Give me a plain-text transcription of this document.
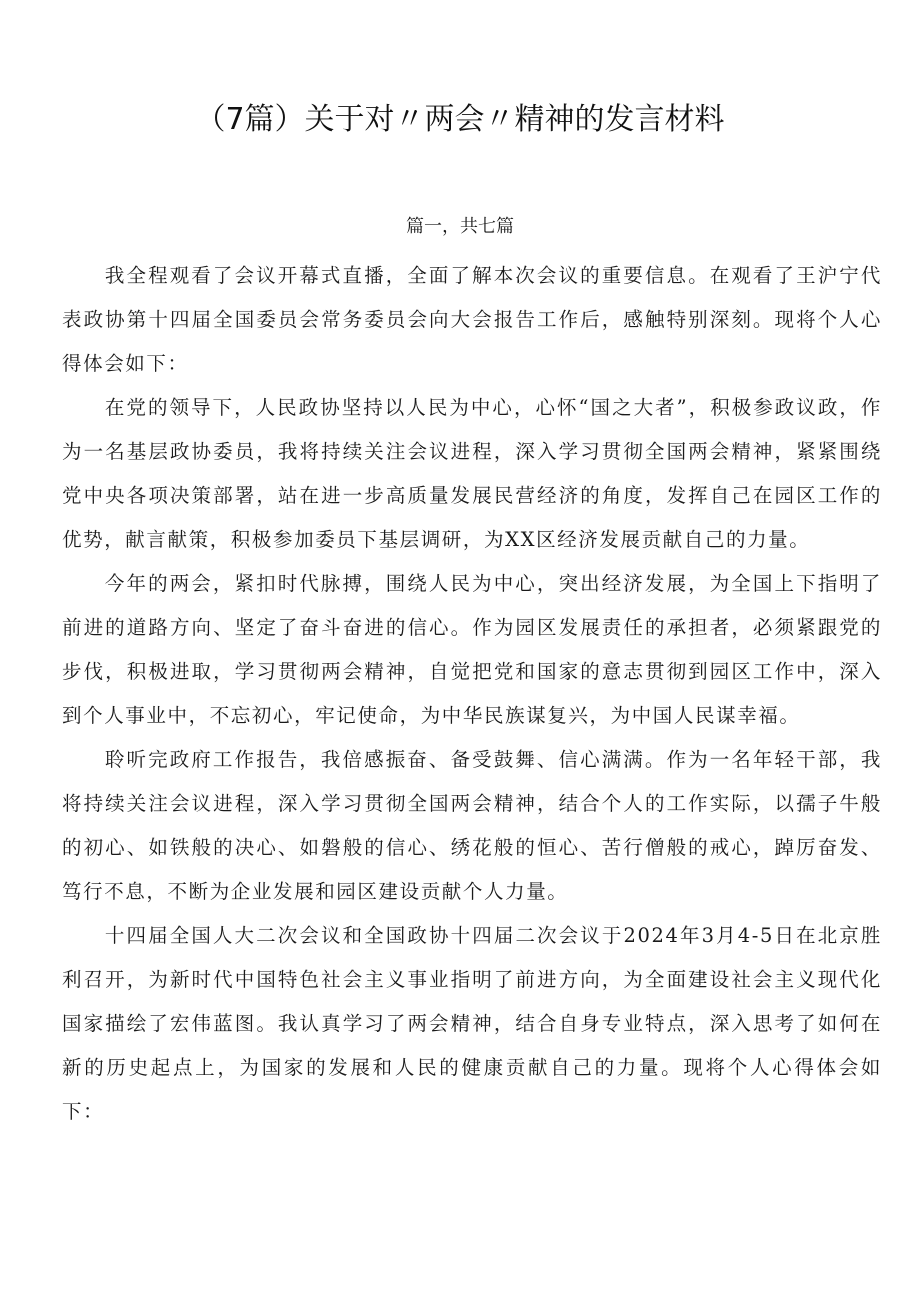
（7篇）关于对〃两会〃精神的发言材料
篇一，共七篇

我全程观看了会议开幕式直播，全面了解本次会议的重要信息。在观看了王沪宁代表政协第十四届全国委员会常务委员会向大会报告工作后，感触特别深刻。现将个人心得体会如下：

在党的领导下，人民政协坚持以人民为中心，心怀“国之大者”，积极参政议政，作为一名基层政协委员，我将持续关注会议进程，深入学习贯彻全国两会精神，紧紧围绕党中央各项决策部署，站在进一步高质量发展民营经济的角度，发挥自己在园区工作的优势，献言献策，积极参加委员下基层调研，为XX区经济发展贡献自己的力量。

今年的两会，紧扣时代脉搏，围绕人民为中心，突出经济发展，为全国上下指明了前进的道路方向、坚定了奋斗奋进的信心。作为园区发展责任的承担者，必须紧跟党的步伐，积极进取，学习贯彻两会精神，自觉把党和国家的意志贯彻到园区工作中，深入到个人事业中，不忘初心，牢记使命，为中华民族谋复兴，为中国人民谋幸福。

聆听完政府工作报告，我倍感振奋、备受鼓舞、信心满满。作为一名年轻干部，我将持续关注会议进程，深入学习贯彻全国两会精神，结合个人的工作实际，以孺子牛般的初心、如铁般的决心、如磐般的信心、绣花般的恒心、苦行僧般的戒心，踔厉奋发、笃行不息，不断为企业发展和园区建设贡献个人力量。

十四届全国人大二次会议和全国政协十四届二次会议于2024年3月4-5日在北京胜利召开，为新时代中国特色社会主义事业指明了前进方向，为全面建设社会主义现代化国家描绘了宏伟蓝图。我认真学习了两会精神，结合自身专业特点，深入思考了如何在新的历史起点上，为国家的发展和人民的健康贡献自己的力量。现将个人心得体会如下：
